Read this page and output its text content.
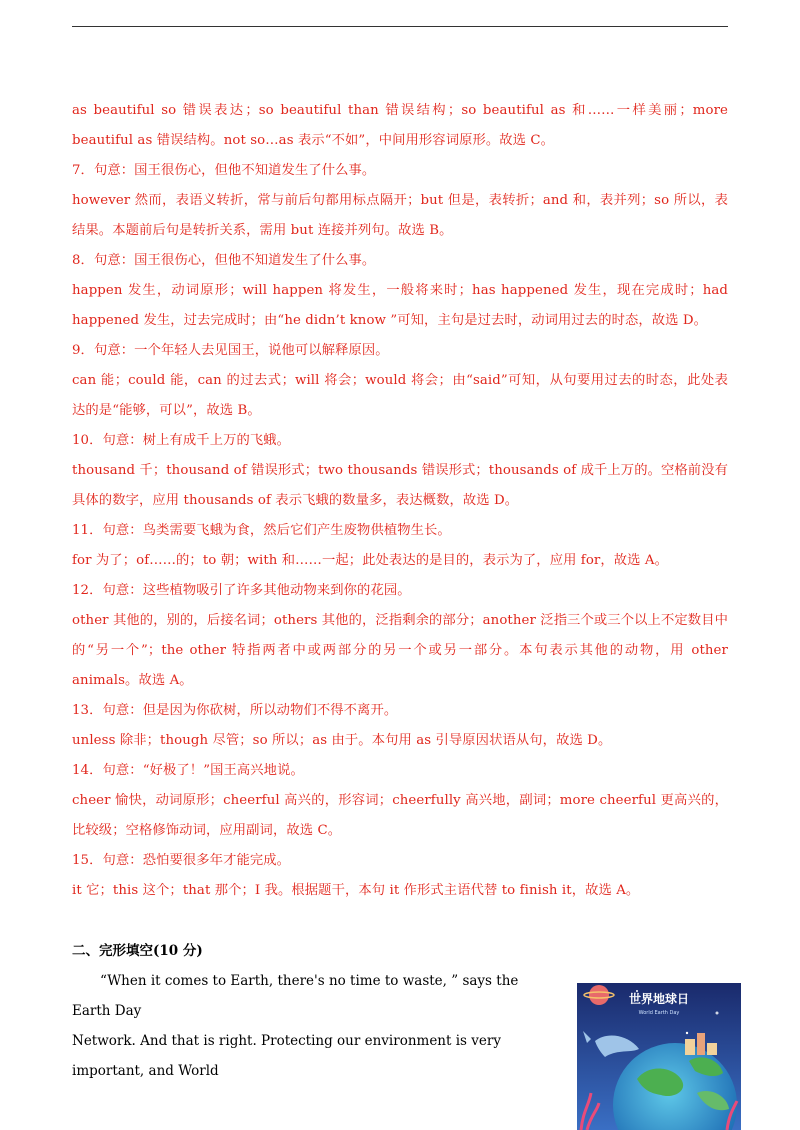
as beautiful so 错误表达；so beautiful than 错误结构；so beautiful as 和……一样美丽；more beautiful as 错误结构。not so…as 表示“不如”，中间用形容词原形。故选 C。

7．句意：国王很伤心，但他不知道发生了什么事。

however 然而，表语义转折，常与前后句都用标点隔开；but 但是，表转折；and 和，表并列；so 所以，表结果。本题前后句是转折关系，需用 but 连接并列句。故选 B。

8．句意：国王很伤心，但他不知道发生了什么事。

happen 发生，动词原形；will happen 将发生，一般将来时；has happened 发生，现在完成时；had happened 发生，过去完成时；由“he didn’t know ”可知，主句是过去时，动词用过去的时态，故选 D。

9．句意：一个年轻人去见国王，说他可以解释原因。

can 能；could 能，can 的过去式；will 将会；would 将会；由“said”可知，从句要用过去的时态，此处表达的是“能够，可以”，故选 B。

10．句意：树上有成千上万的飞蛾。

thousand 千；thousand of 错误形式；two thousands 错误形式；thousands of 成千上万的。空格前没有具体的数字，应用 thousands of 表示飞蛾的数量多，表达概数，故选 D。

11．句意：鸟类需要飞蛾为食，然后它们产生废物供植物生长。

for 为了；of……的；to 朝；with 和……一起；此处表达的是目的，表示为了，应用 for，故选 A。

12．句意：这些植物吸引了许多其他动物来到你的花园。

other 其他的，别的，后接名词；others 其他的，泛指剩余的部分；another 泛指三个或三个以上不定数目中的“另一个”；the other 特指两者中或两部分的另一个或另一部分。本句表示其他的动物，用 other animals。故选 A。

13．句意：但是因为你砍树，所以动物们不得不离开。

unless 除非；though 尽管；so 所以；as 由于。本句用 as 引导原因状语从句，故选 D。

14．句意：“好极了！”国王高兴地说。

cheer 愉快，动词原形；cheerful 高兴的，形容词；cheerfully 高兴地，副词；more cheerful 更高兴的，比较级；空格修饰动词，应用副词，故选 C。

15．句意：恐怕要很多年才能完成。

it 它；this 这个；that 那个；I 我。根据题干，本句 it 作形式主语代替 to finish it，故选 A。

二、完形填空(10 分)

“When it comes to Earth, there's no time to waste, ” says the Earth Day

Network. And that is right. Protecting our environment is very important, and World

世界地球日
World Earth Day
